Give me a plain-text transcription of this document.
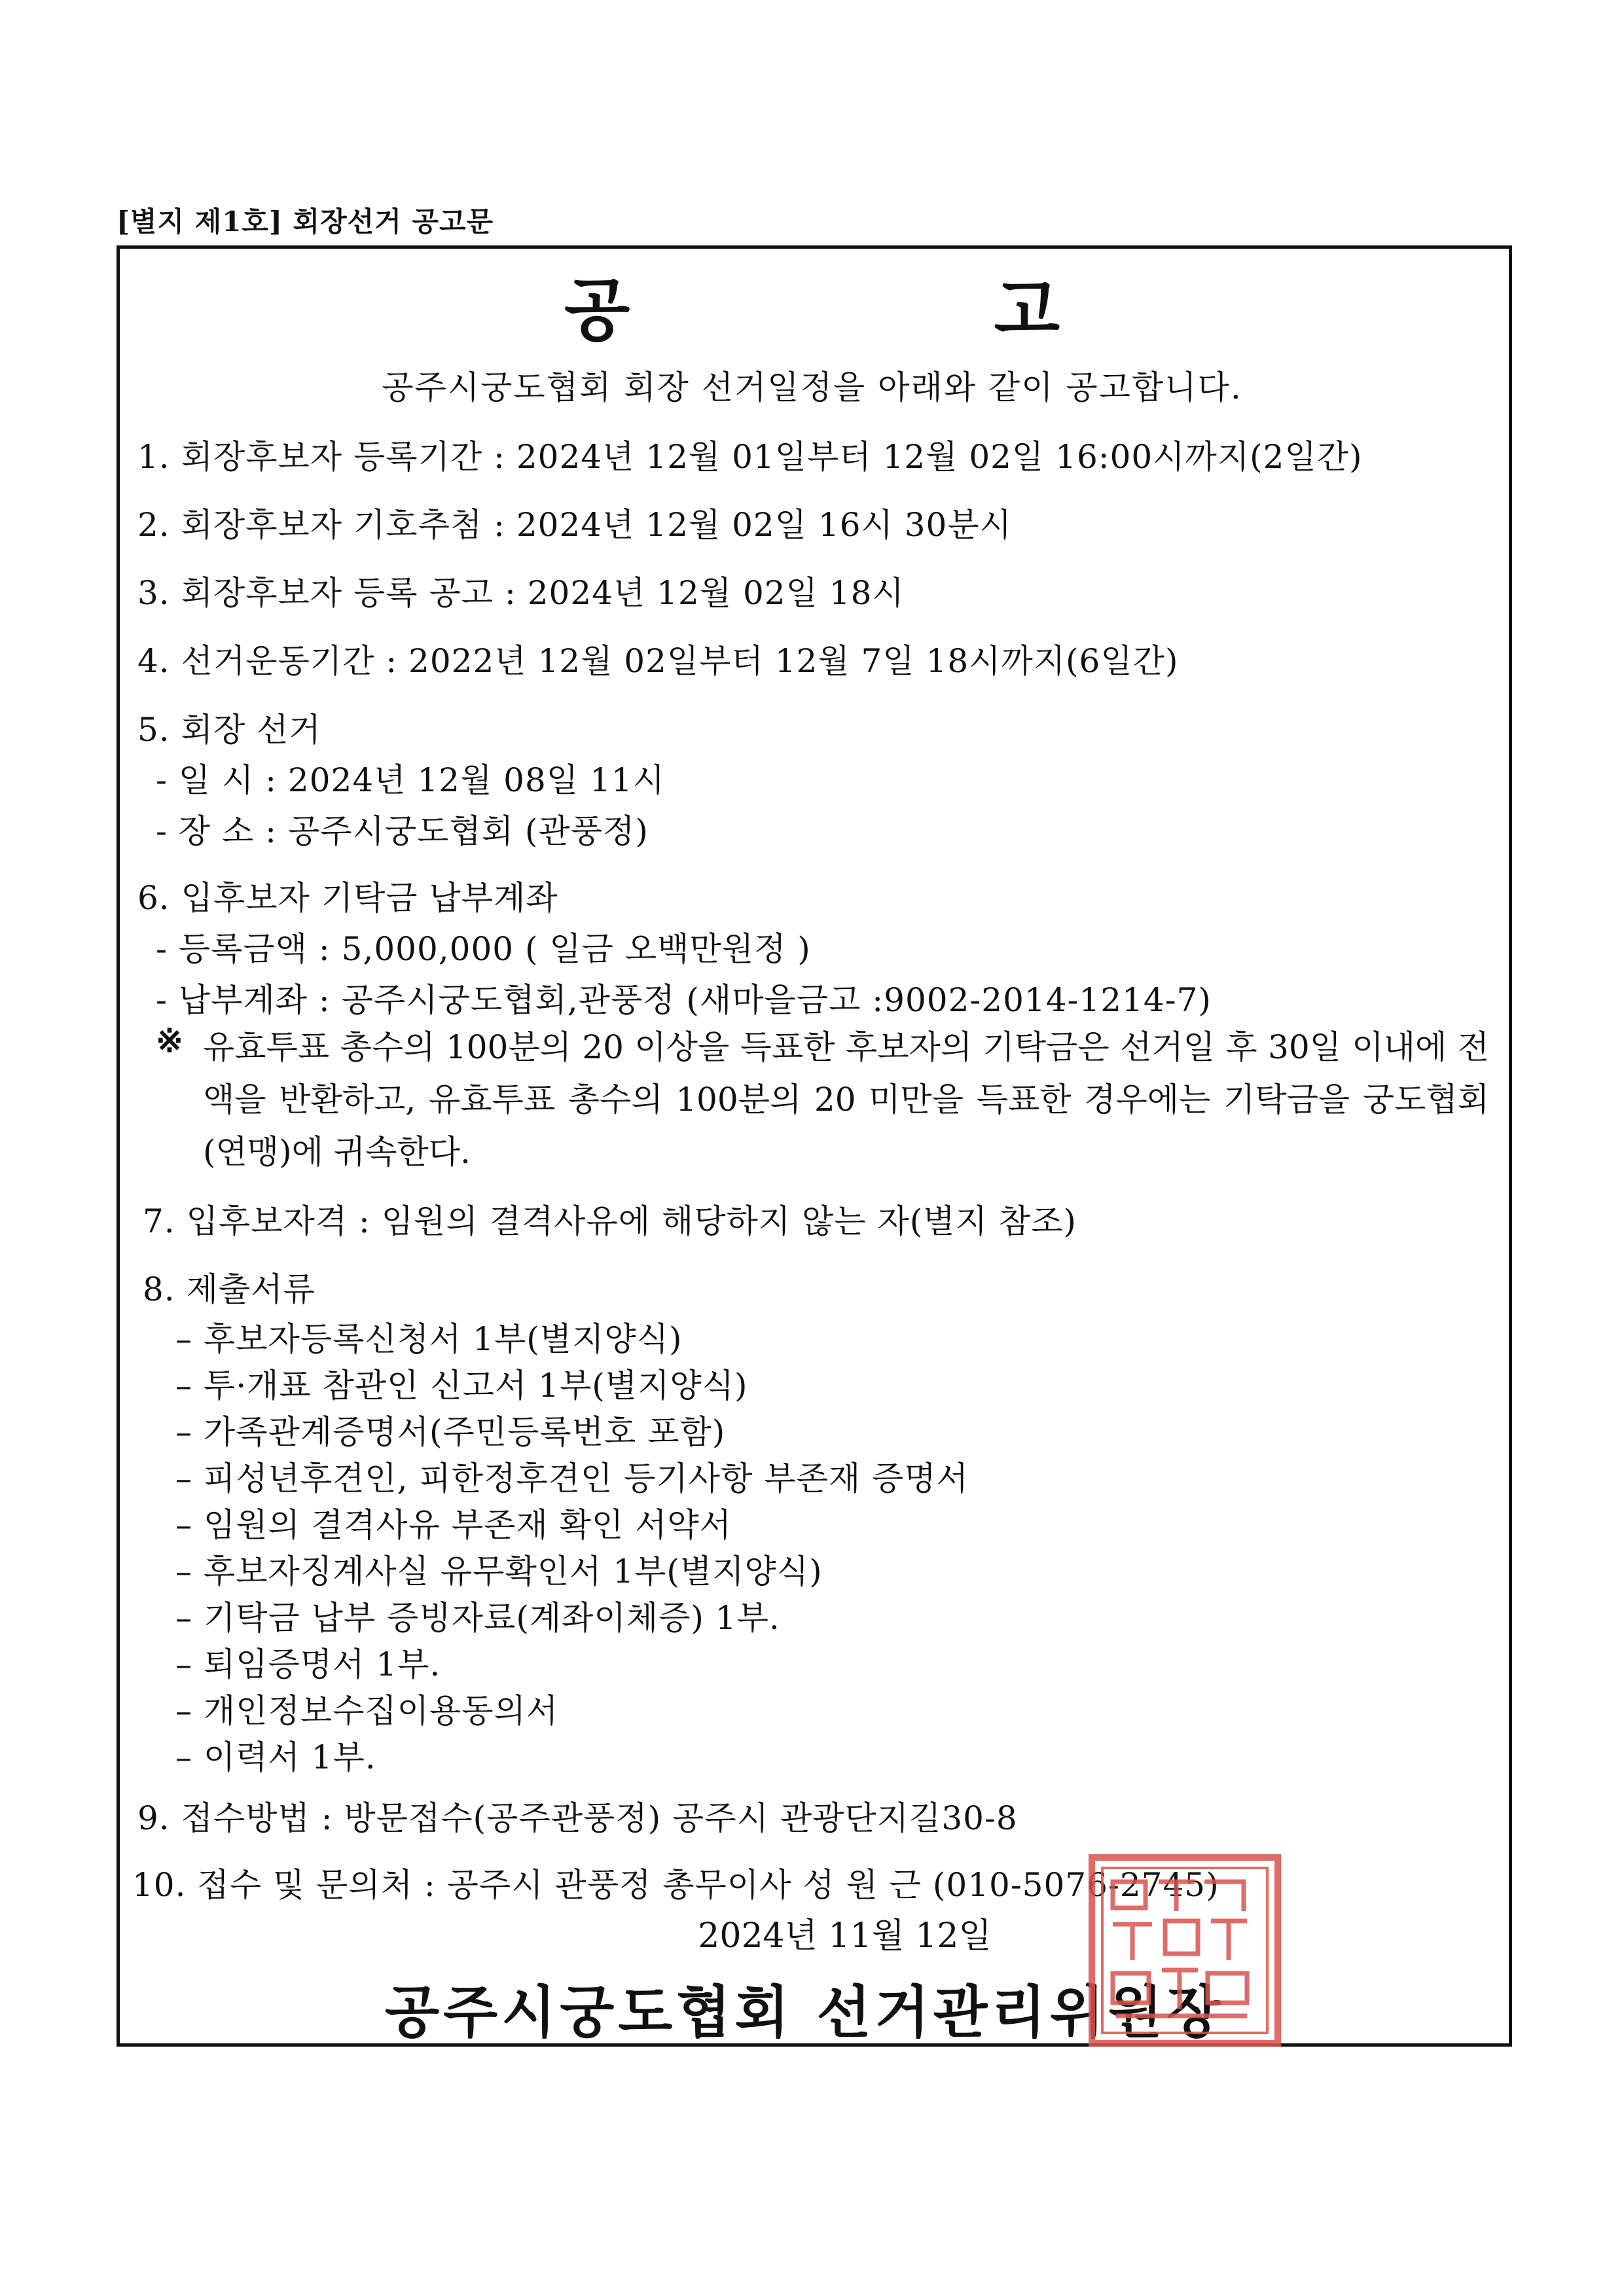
[별지 제1호] 회장선거 공고문
공 고
공주시궁도협회 회장 선거일정을 아래와 같이 공고합니다.
1. 회장후보자 등록기간 : 2024년 12월 01일부터 12월 02일 16:00시까지(2일간)
2. 회장후보자 기호추첨 : 2024년 12월 02일 16시 30분시
3. 회장후보자 등록 공고 : 2024년 12월 02일 18시
4. 선거운동기간 : 2022년 12월 02일부터 12월 7일 18시까지(6일간)
5. 회장 선거
- 일 시 : 2024년 12월 08일 11시
- 장 소 : 공주시궁도협회 (관풍정)
6. 입후보자 기탁금 납부계좌
- 등록금액 : 5,000,000 ( 일금 오백만원정 )
- 납부계좌 : 공주시궁도협회,관풍정 (새마을금고 :9002-2014-1214-7)
※ 유효투표 총수의 100분의 20 이상을 득표한 후보자의 기탁금은 선거일 후 30일 이내에 전액을 반환하고, 유효투표 총수의 100분의 20 미만을 득표한 경우에는 기탁금을 궁도협회(연맹)에 귀속한다.
7. 입후보자격 : 임원의 결격사유에 해당하지 않는 자(별지 참조)
8. 제출서류
– 후보자등록신청서 1부(별지양식)
– 투·개표 참관인 신고서 1부(별지양식)
– 가족관계증명서(주민등록번호 포함)
– 피성년후견인, 피한정후견인 등기사항 부존재 증명서
– 임원의 결격사유 부존재 확인 서약서
– 후보자징계사실 유무확인서 1부(별지양식)
– 기탁금 납부 증빙자료(계좌이체증) 1부.
– 퇴임증명서 1부.
– 개인정보수집이용동의서
– 이력서 1부.
9. 접수방법 : 방문접수(공주관풍정) 공주시 관광단지길30-8
10. 접수 및 문의처 : 공주시 관풍정 총무이사 성 원 근 (010-5076-2745)
2024년 11월 12일
공주시궁도협회 선거관리위원장
